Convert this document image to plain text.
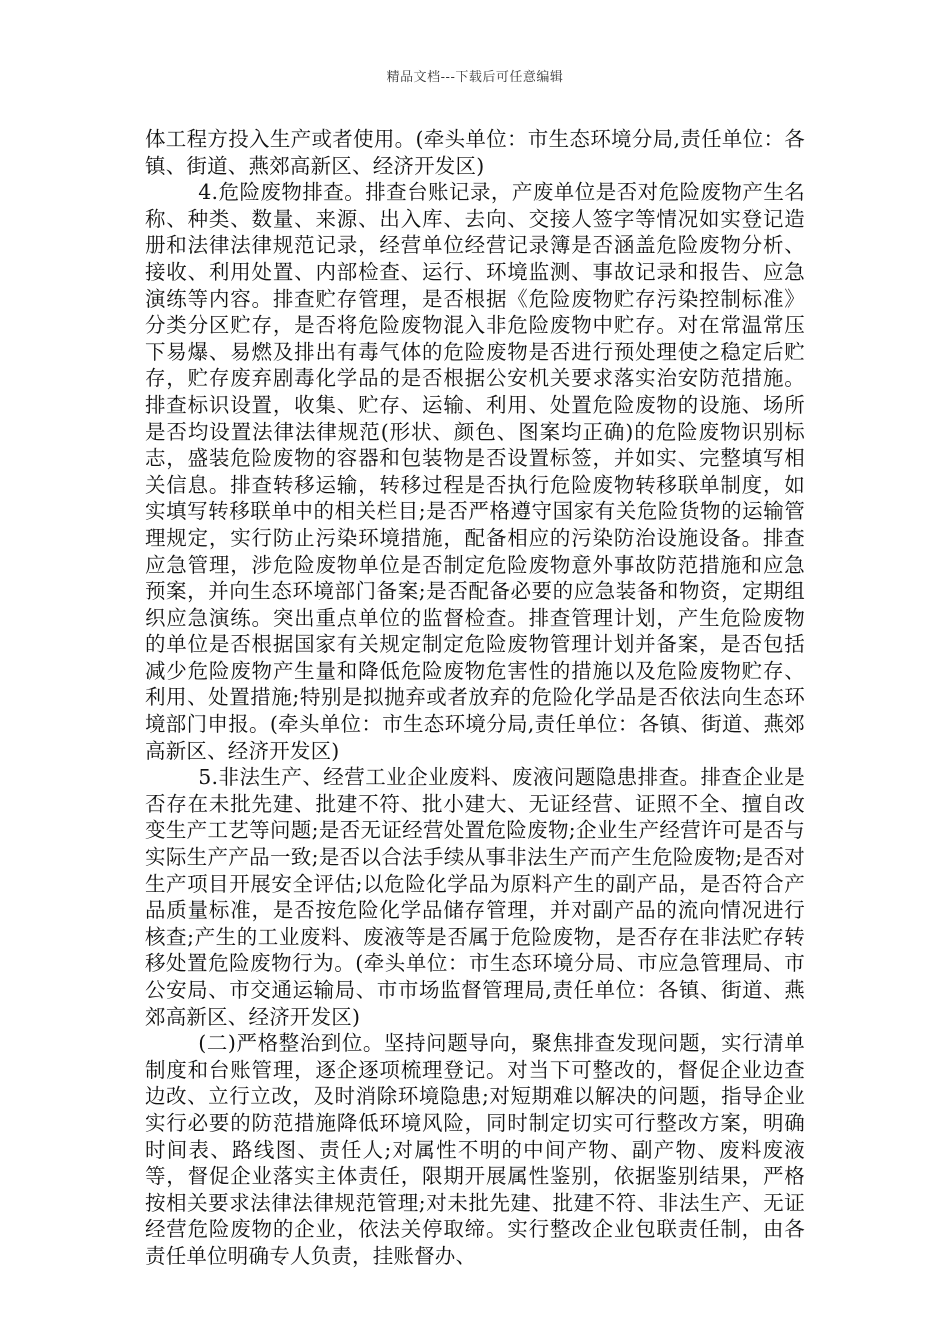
精品文档---下载后可任意编辑

体工程方投入生产或者使用。(牵头单位：市生态环境分局,责任单位：各镇、街道、燕郊高新区、经济开发区)

4.危险废物排查。排查台账记录，产废单位是否对危险废物产生名称、种类、数量、来源、出入库、去向、交接人签字等情况如实登记造册和法律法律规范记录，经营单位经营记录簿是否涵盖危险废物分析、接收、利用处置、内部检查、运行、环境监测、事故记录和报告、应急演练等内容。排查贮存管理，是否根据《危险废物贮存污染控制标准》分类分区贮存，是否将危险废物混入非危险废物中贮存。对在常温常压下易爆、易燃及排出有毒气体的危险废物是否进行预处理使之稳定后贮存，贮存废弃剧毒化学品的是否根据公安机关要求落实治安防范措施。排查标识设置，收集、贮存、运输、利用、处置危险废物的设施、场所是否均设置法律法律规范(形状、颜色、图案均正确)的危险废物识别标志，盛装危险废物的容器和包装物是否设置标签，并如实、完整填写相关信息。排查转移运输，转移过程是否执行危险废物转移联单制度，如实填写转移联单中的相关栏目;是否严格遵守国家有关危险货物的运输管理规定，实行防止污染环境措施，配备相应的污染防治设施设备。排查应急管理，涉危险废物单位是否制定危险废物意外事故防范措施和应急预案，并向生态环境部门备案;是否配备必要的应急装备和物资，定期组织应急演练。突出重点单位的监督检查。排查管理计划，产生危险废物的单位是否根据国家有关规定制定危险废物管理计划并备案，是否包括减少危险废物产生量和降低危险废物危害性的措施以及危险废物贮存、利用、处置措施;特别是拟抛弃或者放弃的危险化学品是否依法向生态环境部门申报。(牵头单位：市生态环境分局,责任单位：各镇、街道、燕郊高新区、经济开发区)

5.非法生产、经营工业企业废料、废液问题隐患排查。排查企业是否存在未批先建、批建不符、批小建大、无证经营、证照不全、擅自改变生产工艺等问题;是否无证经营处置危险废物;企业生产经营许可是否与实际生产产品一致;是否以合法手续从事非法生产而产生危险废物;是否对生产项目开展安全评估;以危险化学品为原料产生的副产品，是否符合产品质量标准，是否按危险化学品储存管理，并对副产品的流向情况进行核查;产生的工业废料、废液等是否属于危险废物，是否存在非法贮存转移处置危险废物行为。(牵头单位：市生态环境分局、市应急管理局、市公安局、市交通运输局、市市场监督管理局,责任单位：各镇、街道、燕郊高新区、经济开发区)

(二)严格整治到位。坚持问题导向，聚焦排查发现问题，实行清单制度和台账管理，逐企逐项梳理登记。对当下可整改的，督促企业边查边改、立行立改，及时消除环境隐患;对短期难以解决的问题，指导企业实行必要的防范措施降低环境风险，同时制定切实可行整改方案，明确时间表、路线图、责任人;对属性不明的中间产物、副产物、废料废液等，督促企业落实主体责任，限期开展属性鉴别，依据鉴别结果，严格按相关要求法律法律规范管理;对未批先建、批建不符、非法生产、无证经营危险废物的企业，依法关停取缔。实行整改企业包联责任制，由各责任单位明确专人负责，挂账督办、
